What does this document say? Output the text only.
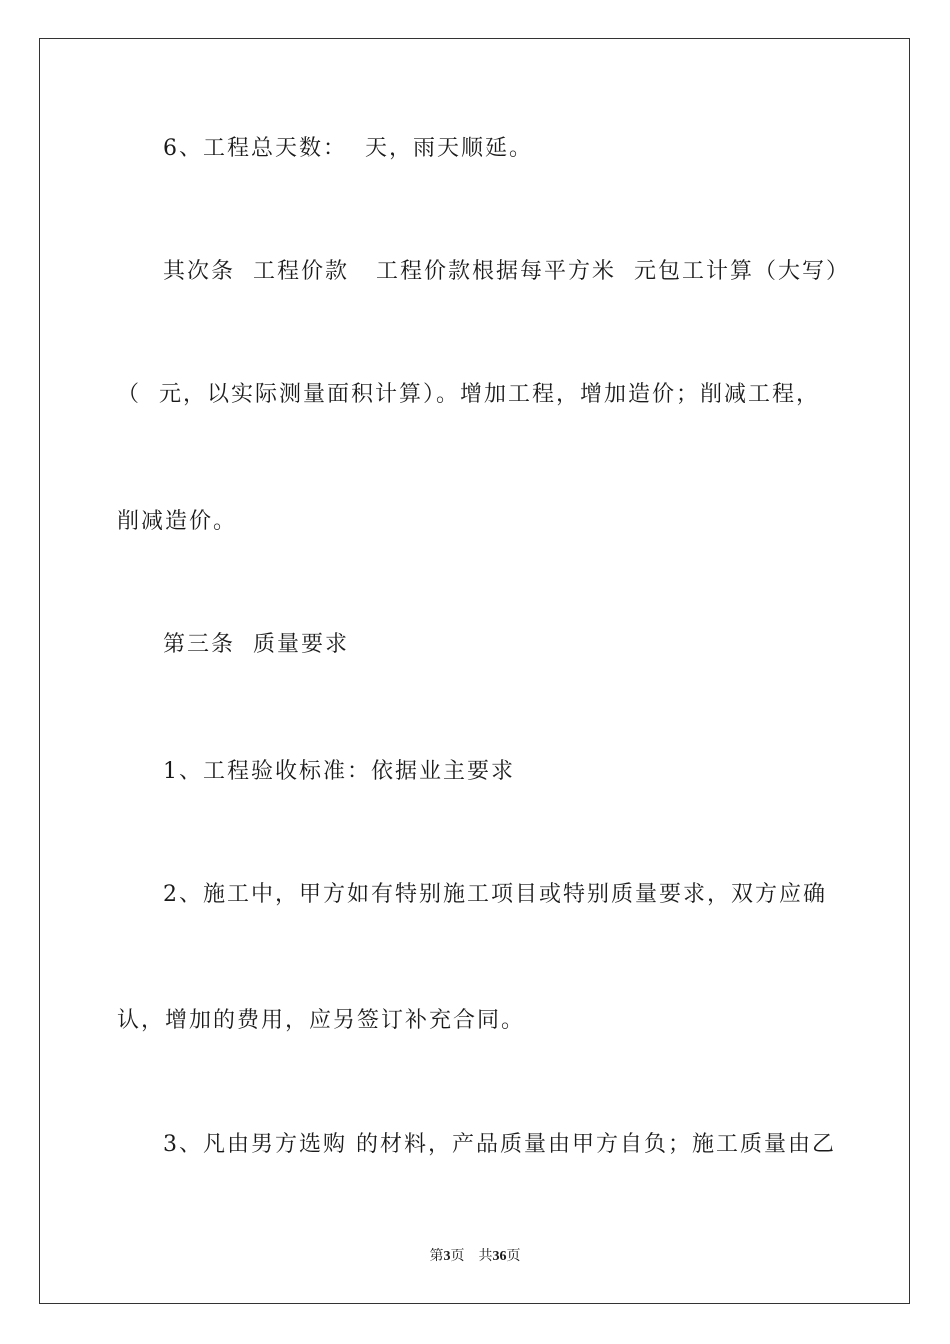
6、工程总天数：  天，雨天顺延。
其次条  工程价款   工程价款根据每平方米  元包工计算（大写）
（  元，以实际测量面积计算）。增加工程，增加造价；削减工程，
削减造价。
第三条  质量要求
1、工程验收标准：依据业主要求
2、施工中，甲方如有特别施工项目或特别质量要求，双方应确
认，增加的费用，应另签订补充合同。
3、凡由男方选购 的材料，产品质量由甲方自负；施工质量由乙
第3页 共36页
